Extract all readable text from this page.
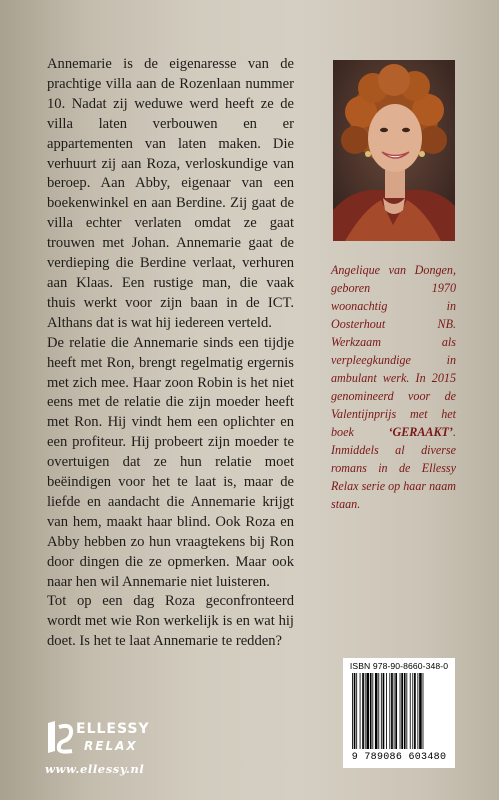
Annemarie is de eigenaresse van de prachtige villa aan de Rozenlaan nummer 10. Nadat zij weduwe werd heeft ze de villa laten verbouwen en er appartementen van laten maken. Die verhuurt zij aan Roza, verloskundige van beroep. Aan Abby, eigenaar van een boekenwinkel en aan Berdine. Zij gaat de villa echter verlaten omdat ze gaat trouwen met Johan. Annemarie gaat de verdieping die Berdine verlaat, verhuren aan Klaas. Een rustige man, die vaak thuis werkt voor zijn baan in de ICT. Althans dat is wat hij iedereen verteld.

De relatie die Annemarie sinds een tijdje heeft met Ron, brengt regelmatig ergernis met zich mee. Haar zoon Robin is het niet eens met de relatie die zijn moeder heeft met Ron. Hij vindt hem een oplichter en een profiteur. Hij probeert zijn moeder te overtuigen dat ze hun relatie moet beëindigen voor het te laat is, maar de liefde en aandacht die Annemarie krijgt van hem, maakt haar blind. Ook Roza en Abby hebben zo hun vraagtekens bij Ron door dingen die ze opmerken. Maar ook naar hen wil Annemarie niet luisteren.

Tot op een dag Roza geconfronteerd wordt met wie Ron werkelijk is en wat hij doet. Is het te laat Annemarie te redden?

Angelique van Dongen, geboren 1970 woonachtig in Oosterhout NB. Werkzaam als verpleegkundige in ambulant werk. In 2015 genomineerd voor de Valentijnprijs met het boek ‘GERAAKT’. Inmiddels al diverse romans in de Ellessy Relax serie op haar naam staan.

ISBN 978-90-8660-348-0
9 789086 603480
ELLESSY
RELAX
www.ellessy.nl
